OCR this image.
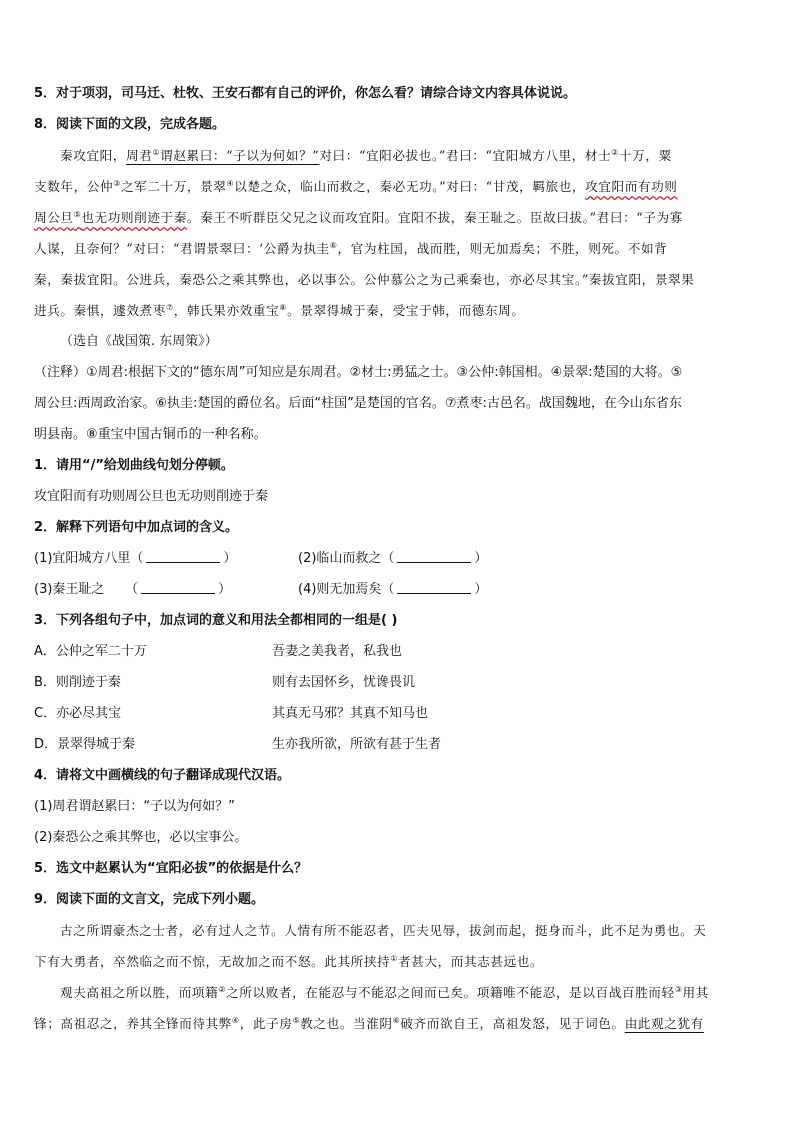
5．对于项羽，司马迁、杜牧、王安石都有自己的评价，你怎么看？请综合诗文内容具体说说。
8．阅读下面的文段，完成各题。
秦攻宜阳，周君①谓赵累曰：“子以为何如？”对曰：“宜阳必拔也。”君曰：“宜阳城方八里，材士②十万，粟
支数年，公仲③之军二十万，景翠④以楚之众，临山而救之，秦必无功。”对曰：“甘茂，羁旅也，攻宜阳而有功则
周公旦⑤也无功则削迹于秦。秦王不听群臣父兄之议而攻宜阳。宜阳不拔，秦王耻之。臣故曰拔。”君曰：“子为寡
人谋，且奈何？”对曰：“君谓景翠曰：‘公爵为执圭⑥，官为柱国，战而胜，则无加焉矣；不胜，则死。不如背
秦，秦拔宜阳。公进兵，秦恐公之乘其弊也，必以事公。公仲慕公之为己乘秦也，亦必尽其宝。”秦拔宜阳，景翠果
进兵。秦惧，遽效煮枣⑦，韩氏果亦效重宝⑧。景翠得城于秦，受宝于韩，而德东周。
（选自《战国策. 东周策》）
（注释）①周君:根据下文的“德东周”可知应是东周君。②材士:勇猛之士。③公仲:韩国相。④景翠:楚国的大将。⑤
周公旦:西周政治家。⑥执圭:楚国的爵位名。后面“柱国”是楚国的官名。⑦煮枣:古邑名。战国魏地，在今山东省东
明县南。⑧重宝中国古铜币的一种名称。
1．请用“/”给划曲线句划分停顿。
攻宜阳而有功则周公旦也无功则削迹于秦
2．解释下列语句中加点词的含义。
(1)宜阳城方八里（	）	(2)临山而救之（	）
(3)秦王耻之 （	）	(4)则无加焉矣（	）
3．下列各组句子中，加点词的意义和用法全都相同的一组是( )
A．公仲之军二十万	吾妻之美我者，私我也
B．则削迹于秦	则有去国怀乡，忧谗畏讥
C．亦必尽其宝	其真无马邪？其真不知马也
D．景翠得城于秦	生亦我所欲，所欲有甚于生者
4．请将文中画横线的句子翻译成现代汉语。
(1)周君谓赵累曰：“子以为何如？”
(2)秦恐公之乘其弊也，必以宝事公。
5．选文中赵累认为“宜阳必拔”的依据是什么？
9．阅读下面的文言文，完成下列小题。
古之所谓豪杰之士者，必有过人之节。人情有所不能忍者，匹夫见辱，拔剑而起，挺身而斗，此不足为勇也。天
下有大勇者，卒然临之而不惊，无故加之而不怒。此其所挟持①者甚大，而其志甚远也。
观夫高祖之所以胜，而项籍②之所以败者，在能忍与不能忍之间而已矣。项籍唯不能忍，是以百战百胜而轻③用其
锋；高祖忍之，养其全锋而待其弊④，此子房⑤教之也。当淮阴⑥破齐而欲自王，高祖发怒，见于词色。由此观之犹有
